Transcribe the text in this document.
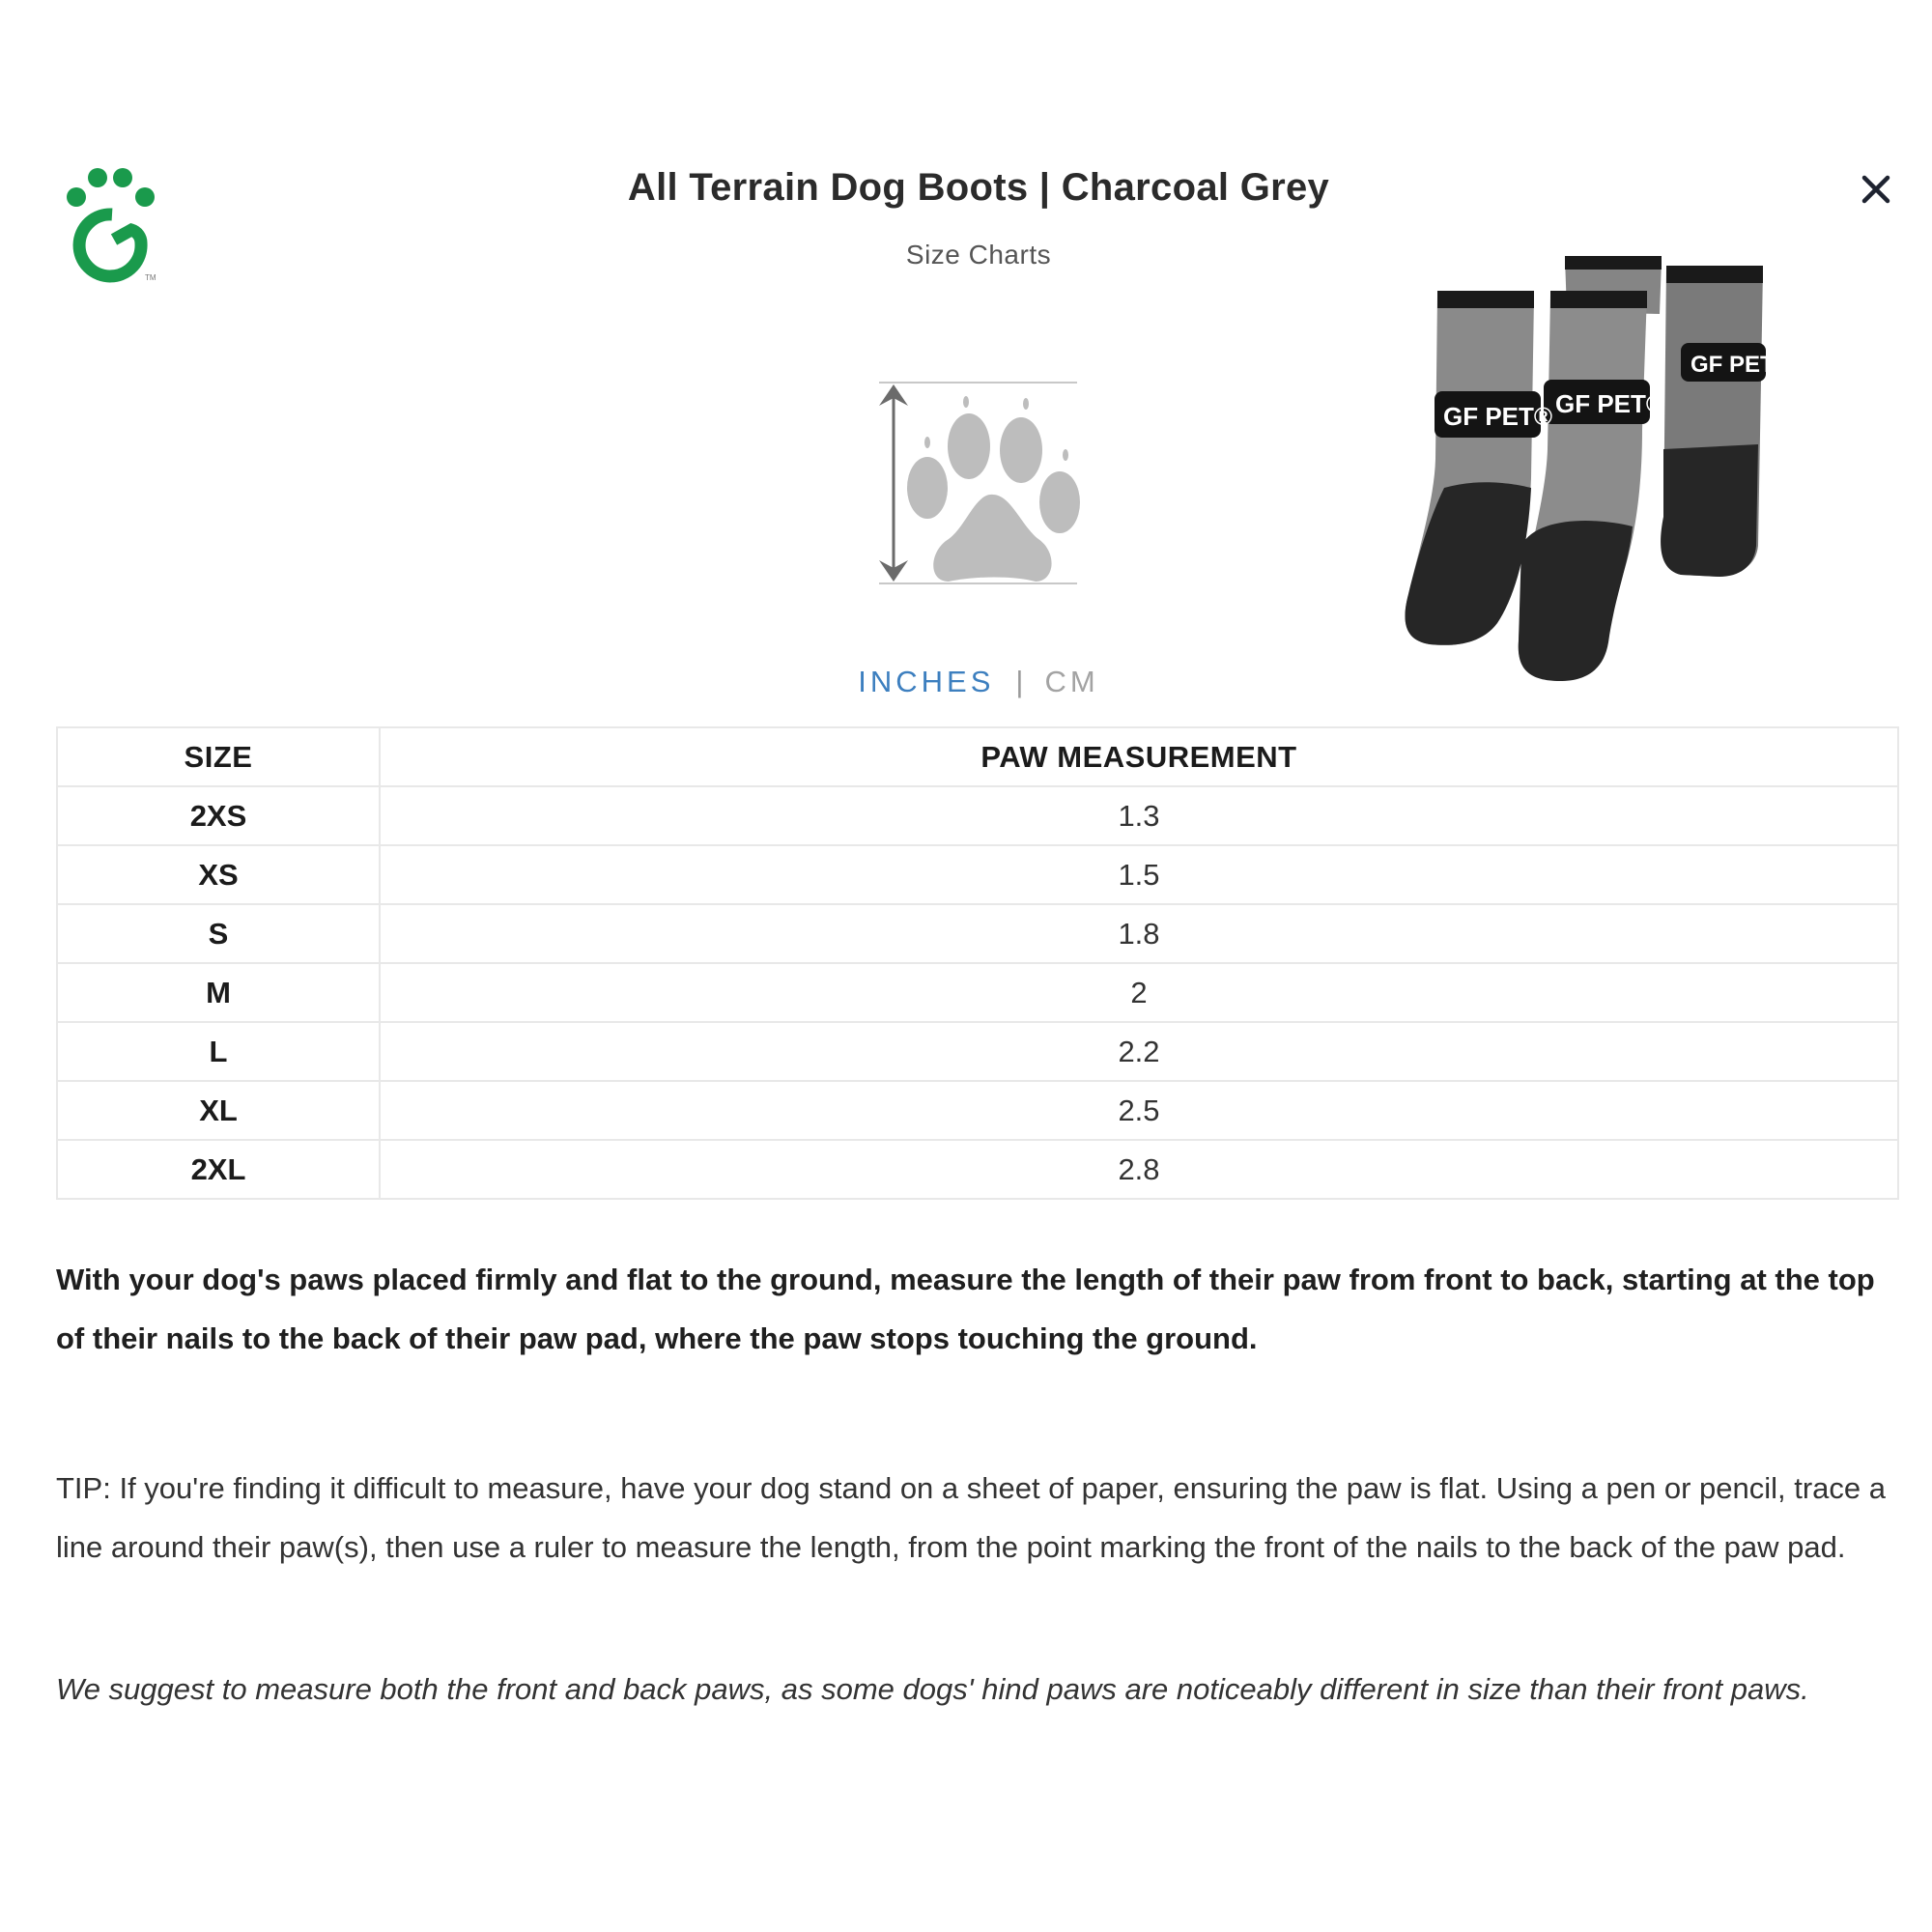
TM
All Terrain Dog Boots | Charcoal Grey
Size Charts
GF PET®
GF PET®
GF PET®
INCHES | CM
SIZE	PAW MEASUREMENT
2XS	1.3
XS	1.5
S	1.8
M	2
L	2.2
XL	2.5
2XL	2.8

With your dog's paws placed firmly and flat to the ground, measure the length of their paw from front to back, starting at the top of their nails to the back of their paw pad, where the paw stops touching the ground.

TIP: If you're finding it difficult to measure, have your dog stand on a sheet of paper, ensuring the paw is flat. Using a pen or pencil, trace a line around their paw(s), then use a ruler to measure the length, from the point marking the front of the nails to the back of the paw pad.

We suggest to measure both the front and back paws, as some dogs' hind paws are noticeably different in size than their front paws.
